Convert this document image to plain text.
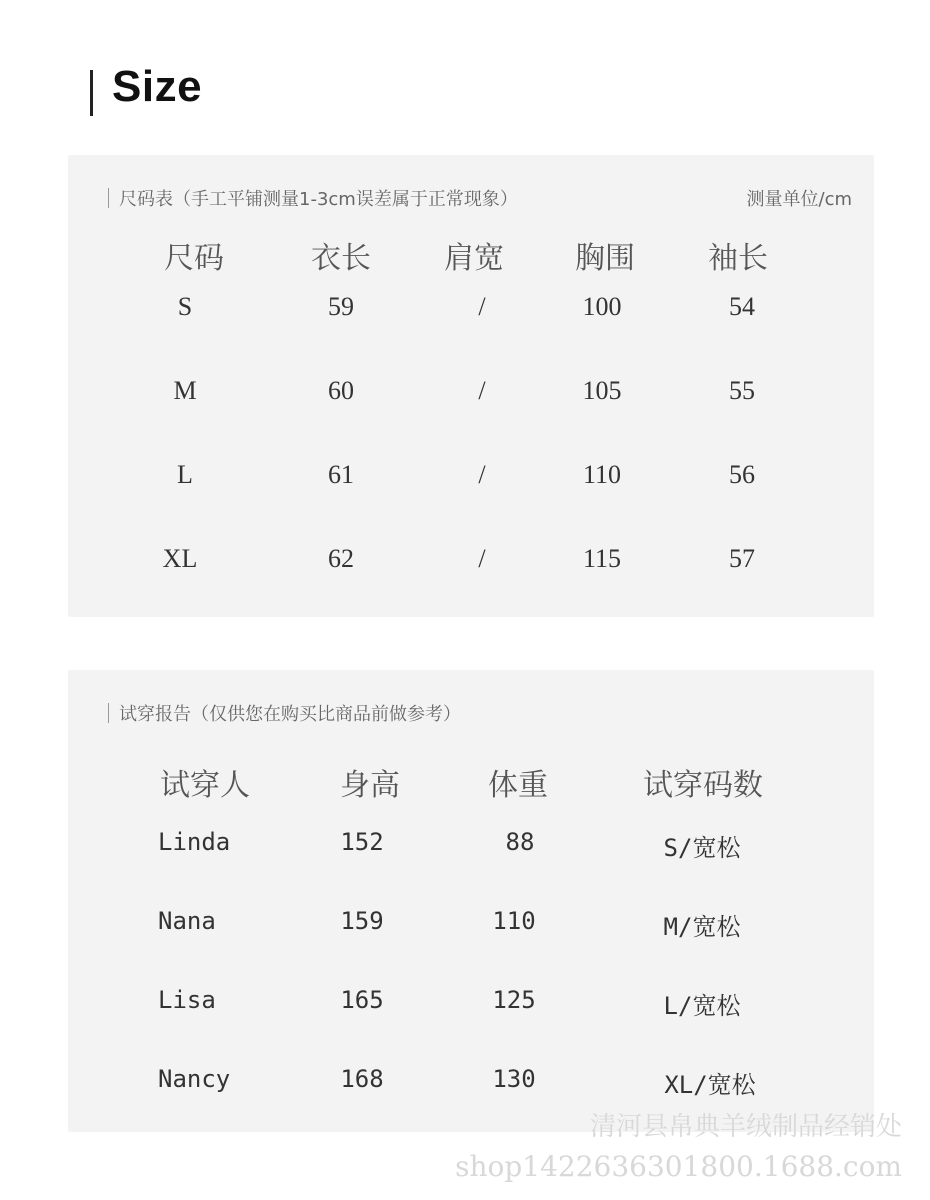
Size
尺码表（手工平铺测量1-3cm误差属于正常现象）	测量单位/cm
尺码	衣长 肩宽 胸围 袖长
S	59	/	100	54
M	60	/	105	55
L	61	/	110	56
XL	62	/	115	57
试穿报告（仅供您在购买比商品前做参考）
试穿人	身高	体重	试穿码数
Linda	152	88	S/宽松
Nana	159	110	M/宽松
Lisa	165	125	L/宽松
Nancy	168	130	XL/宽松
清河县帛典羊绒制品经销处
shop1422636301800.1688.com
